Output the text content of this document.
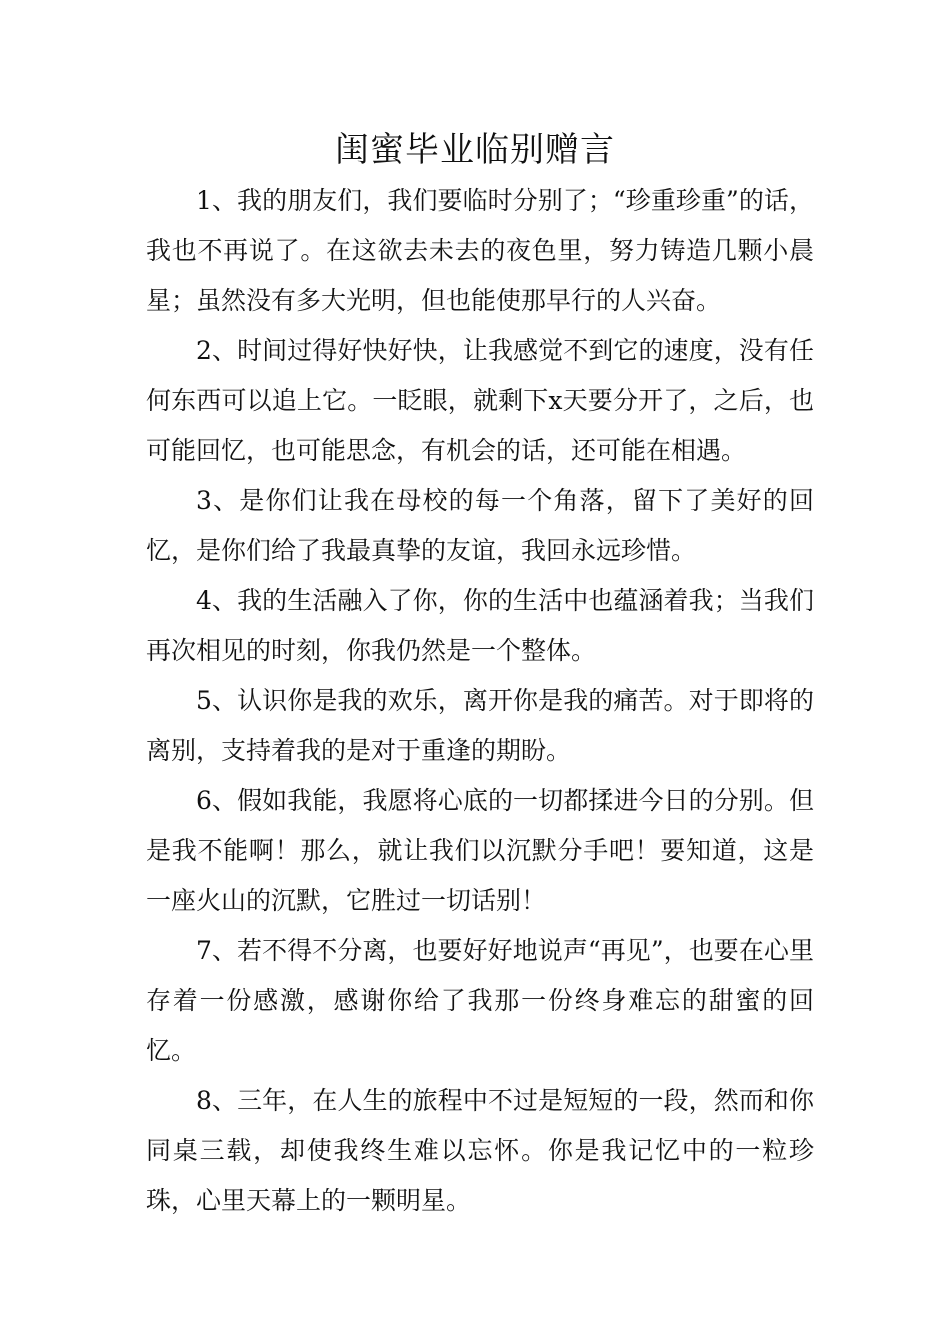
闺蜜毕业临别赠言

1、我的朋友们，我们要临时分别了；“珍重珍重”的话，我也不再说了。在这欲去未去的夜色里，努力铸造几颗小晨星；虽然没有多大光明，但也能使那早行的人兴奋。

2、时间过得好快好快，让我感觉不到它的速度，没有任何东西可以追上它。一眨眼，就剩下x天要分开了，之后，也可能回忆，也可能思念，有机会的话，还可能在相遇。

3、是你们让我在母校的每一个角落，留下了美好的回忆，是你们给了我最真挚的友谊，我回永远珍惜。

4、我的生活融入了你，你的生活中也蕴涵着我；当我们再次相见的时刻，你我仍然是一个整体。

5、认识你是我的欢乐，离开你是我的痛苦。对于即将的离别，支持着我的是对于重逢的期盼。

6、假如我能，我愿将心底的一切都揉进今日的分别。但是我不能啊！那么，就让我们以沉默分手吧！要知道，这是一座火山的沉默，它胜过一切话别！

7、若不得不分离，也要好好地说声“再见”，也要在心里存着一份感激，感谢你给了我那一份终身难忘的甜蜜的回忆。

8、三年，在人生的旅程中不过是短短的一段，然而和你同桌三载，却使我终生难以忘怀。你是我记忆中的一粒珍珠，心里天幕上的一颗明星。
